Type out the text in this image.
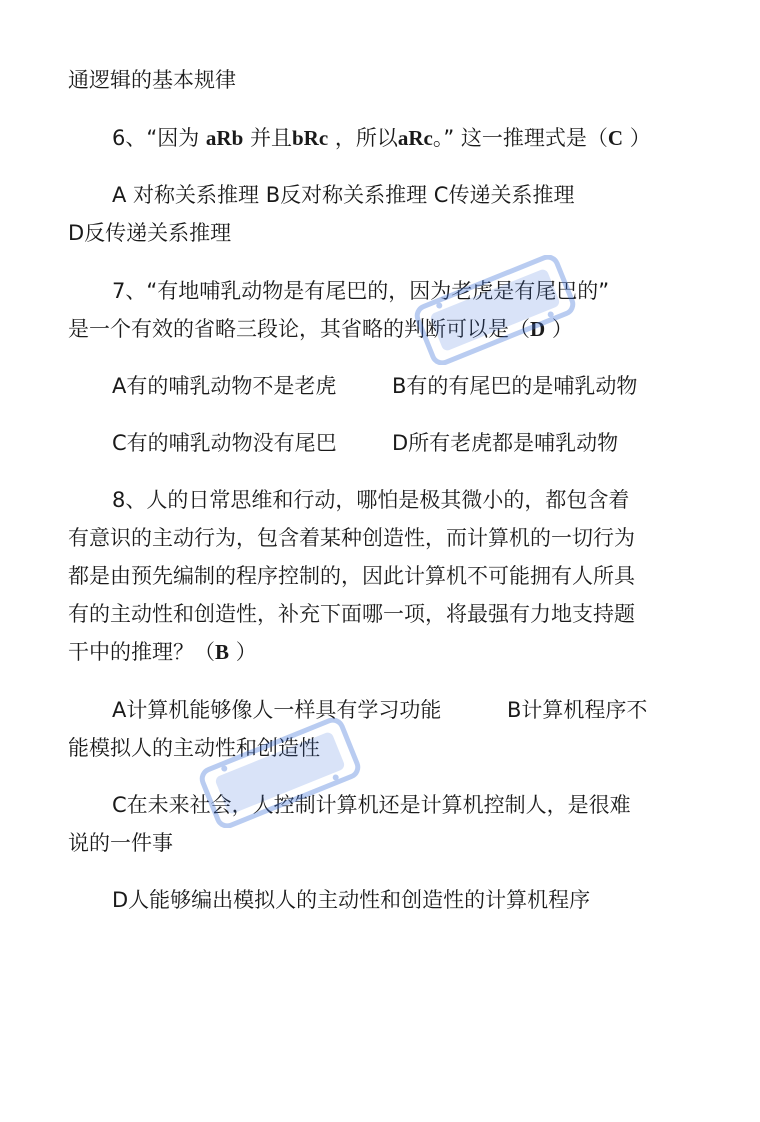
通逻辑的基本规律
6、“因为 aRb 并且bRc ，所以aRc。” 这一推理式是（C ）
A 对称关系推理 B反对称关系推理 C传递关系推理
D反传递关系推理
7、“有地哺乳动物是有尾巴的，因为老虎是有尾巴的”
是一个有效的省略三段论，其省略的判断可以是（D ）
A有的哺乳动物不是老虎	B有的有尾巴的是哺乳动物
C有的哺乳动物没有尾巴	D所有老虎都是哺乳动物
8、人的日常思维和行动，哪怕是极其微小的，都包含着
有意识的主动行为，包含着某种创造性，而计算机的一切行为
都是由预先编制的程序控制的，因此计算机不可能拥有人所具
有的主动性和创造性，补充下面哪一项，将最强有力地支持题
干中的推理？（B ）
A计算机能够像人一样具有学习功能	B计算机程序不
能模拟人的主动性和创造性
C在未来社会，人控制计算机还是计算机控制人，是很难
说的一件事
D人能够编出模拟人的主动性和创造性的计算机程序
